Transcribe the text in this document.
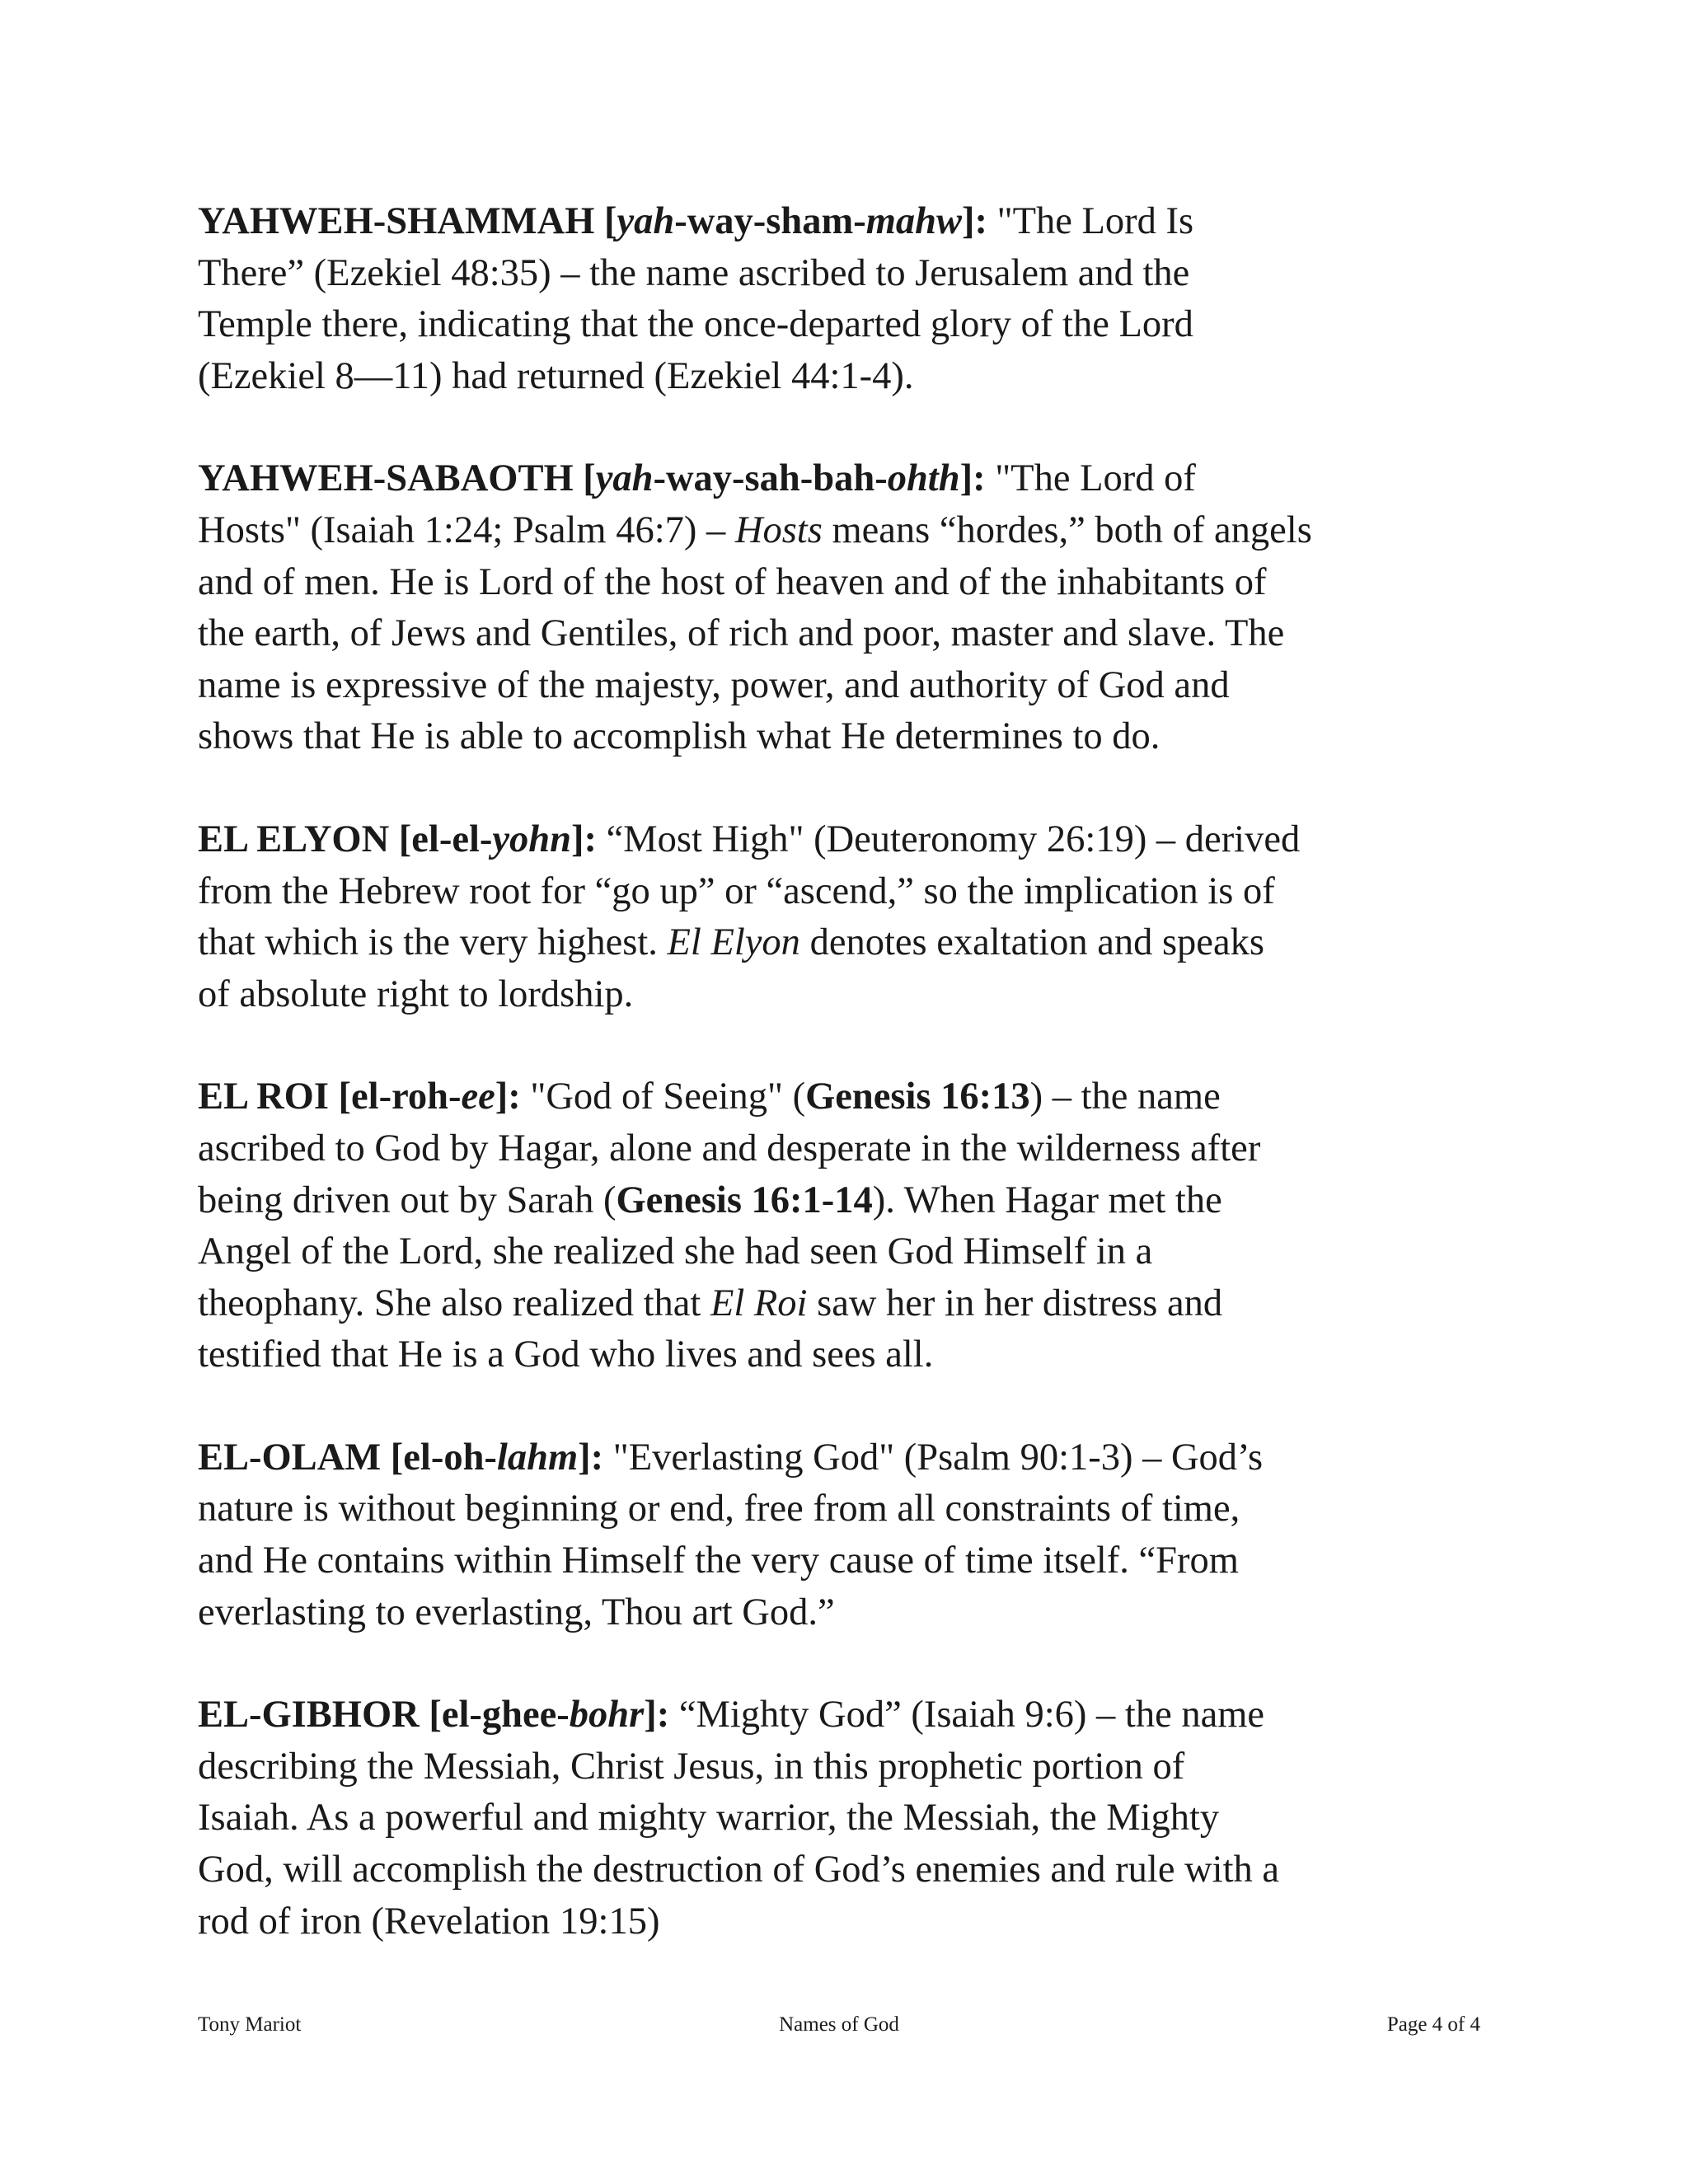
YAHWEH-SHAMMAH [yah-way-sham-mahw]: "The Lord Is
There” (Ezekiel 48:35) – the name ascribed to Jerusalem and the
Temple there, indicating that the once-departed glory of the Lord
(Ezekiel 8—11) had returned (Ezekiel 44:1-4).

YAHWEH-SABAOTH [yah-way-sah-bah-ohth]: "The Lord of
Hosts" (Isaiah 1:24; Psalm 46:7) – Hosts means “hordes,” both of angels
and of men. He is Lord of the host of heaven and of the inhabitants of
the earth, of Jews and Gentiles, of rich and poor, master and slave. The
name is expressive of the majesty, power, and authority of God and
shows that He is able to accomplish what He determines to do.

EL ELYON [el-el-yohn]: “Most High" (Deuteronomy 26:19) – derived
from the Hebrew root for “go up” or “ascend,” so the implication is of
that which is the very highest. El Elyon denotes exaltation and speaks
of absolute right to lordship.

EL ROI [el-roh-ee]: "God of Seeing" (Genesis 16:13) – the name
ascribed to God by Hagar, alone and desperate in the wilderness after
being driven out by Sarah (Genesis 16:1-14). When Hagar met the
Angel of the Lord, she realized she had seen God Himself in a
theophany. She also realized that El Roi saw her in her distress and
testified that He is a God who lives and sees all.

EL-OLAM [el-oh-lahm]: "Everlasting God" (Psalm 90:1-3) – God’s
nature is without beginning or end, free from all constraints of time,
and He contains within Himself the very cause of time itself. “From
everlasting to everlasting, Thou art God.”

EL-GIBHOR [el-ghee-bohr]: “Mighty God” (Isaiah 9:6) – the name
describing the Messiah, Christ Jesus, in this prophetic portion of
Isaiah. As a powerful and mighty warrior, the Messiah, the Mighty
God, will accomplish the destruction of God’s enemies and rule with a
rod of iron (Revelation 19:15)

Tony Mariot	Names of God	Page 4 of 4
